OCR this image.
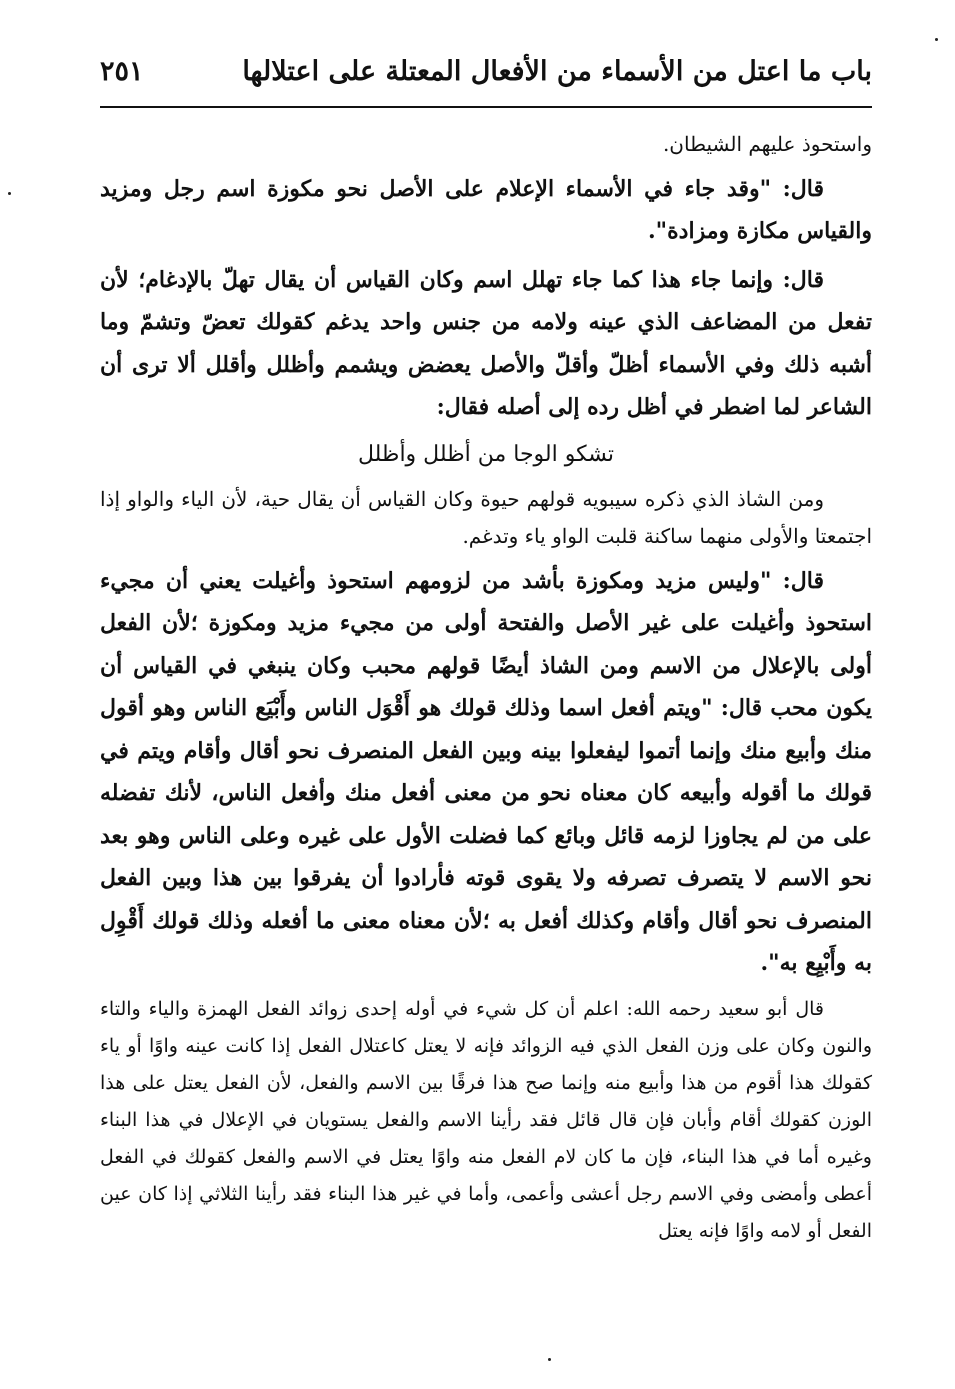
باب ما اعتل من الأسماء من الأفعال المعتلة على اعتلالها
٢٥١

واستحوذ عليهم الشيطان.

قال: "وقد جاء في الأسماء الإعلام على الأصل نحو مكوزة اسم رجل ومزيد والقياس مكازة ومزادة".

قال: وإنما جاء هذا كما جاء تهلل اسم وكان القياس أن يقال تهلّ بالإدغام؛ لأن تفعل من المضاعف الذي عينه ولامه من جنس واحد يدغم كقولك تعضّ وتشمّ وما أشبه ذلك وفي الأسماء أظلّ وأقلّ والأصل يعضض ويشمم وأظلل وأقلل ألا ترى أن الشاعر لما اضطر في أظل رده إلى أصله فقال:

تشكو الوجا من أظلل وأظلل

ومن الشاذ الذي ذكره سيبويه قولهم حيوة وكان القياس أن يقال حية، لأن الياء والواو إذا اجتمعتا والأولى منهما ساكنة قلبت الواو ياء وتدغم.

قال: "وليس مزيد ومكوزة بأشد من لزومهم استحوذ وأغيلت يعني أن مجيء استحوذ وأغيلت على غير الأصل والفتحة أولى من مجيء مزيد ومكوزة ؛لأن الفعل أولى بالإعلال من الاسم ومن الشاذ أيضًا قولهم محبب وكان ينبغي في القياس أن يكون محب قال: "ويتم أفعل اسما وذلك قولك هو أَقْوَل الناس وأَبْيَع الناس وهو أقول منك وأبيع منك وإنما أتموا ليفعلوا بينه وبين الفعل المنصرف نحو أقال وأقام ويتم في قولك ما أقوله وأبيعه كان معناه نحو من معنى أفعل منك وأفعل الناس، لأنك تفضله على من لم يجاوزا لزمه قائل وبائع كما فضلت الأول على غيره وعلى الناس وهو بعد نحو الاسم لا يتصرف تصرفه ولا يقوى قوته فأرادوا أن يفرقوا بين هذا وبين الفعل المنصرف نحو أقال وأقام وكذلك أفعل به ؛لأن معناه معنى ما أفعله وذلك قولك أَقْوِل به وأَبْيِع به".

قال أبو سعيد رحمه الله: اعلم أن كل شيء في أوله إحدى زوائد الفعل الهمزة والياء والتاء والنون وكان على وزن الفعل الذي فيه الزوائد فإنه لا يعتل كاعتلال الفعل إذا كانت عينه واوًا أو ياء كقولك هذا أقوم من هذا وأبيع منه وإنما صح هذا فرقًا بين الاسم والفعل، لأن الفعل يعتل على هذا الوزن كقولك أقام وأبان فإن قال قائل فقد رأينا الاسم والفعل يستويان في الإعلال في هذا البناء وغيره أما في هذا البناء، فإن ما كان لام الفعل منه واوًا يعتل في الاسم والفعل كقولك في الفعل أعطى وأمضى وفي الاسم رجل أعشى وأعمى، وأما في غير هذا البناء فقد رأينا الثلاثي إذا كان عين الفعل أو لامه واوًا فإنه يعتل
